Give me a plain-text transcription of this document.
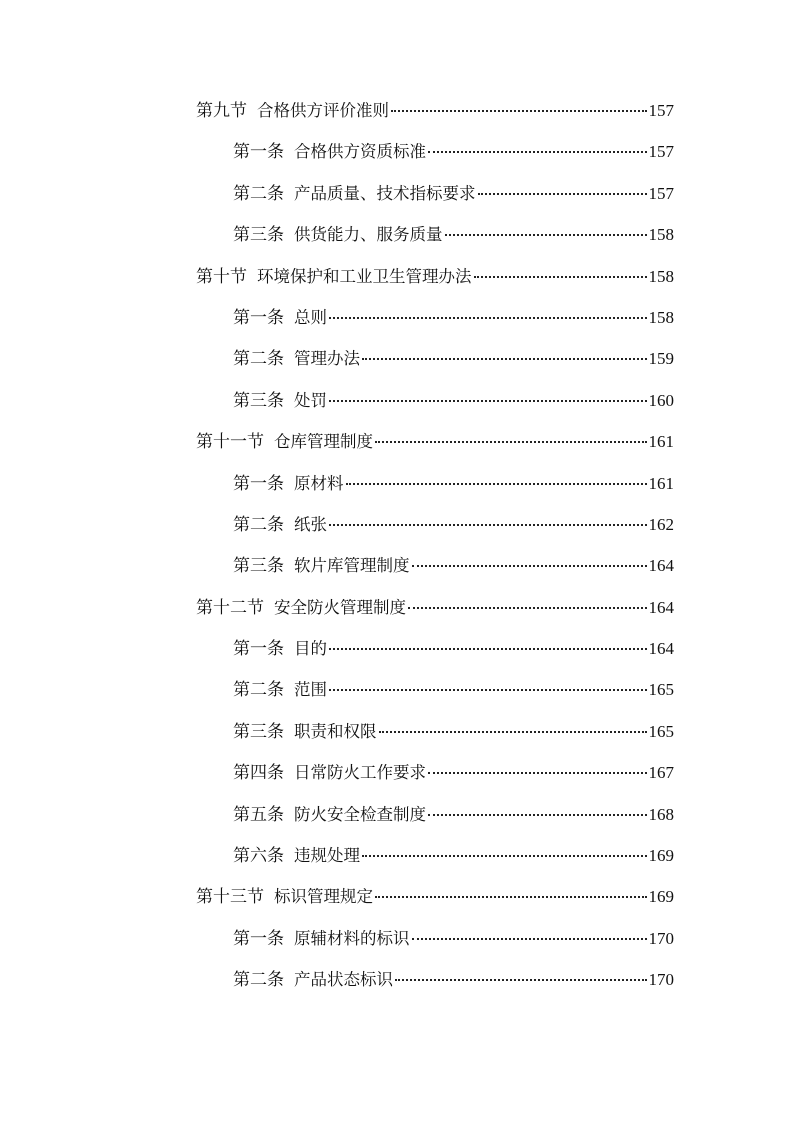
第九节 合格供方评价准则	157
第一条 合格供方资质标准	157
第二条 产品质量、技术指标要求	157
第三条 供货能力、服务质量	158
第十节 环境保护和工业卫生管理办法	158
第一条 总则	158
第二条 管理办法	159
第三条 处罚	160
第十一节 仓库管理制度	161
第一条 原材料	161
第二条 纸张	162
第三条 软片库管理制度	164
第十二节 安全防火管理制度	164
第一条 目的	164
第二条 范围	165
第三条 职责和权限	165
第四条 日常防火工作要求	167
第五条 防火安全检查制度	168
第六条 违规处理	169
第十三节 标识管理规定	169
第一条 原辅材料的标识	170
第二条 产品状态标识	170
